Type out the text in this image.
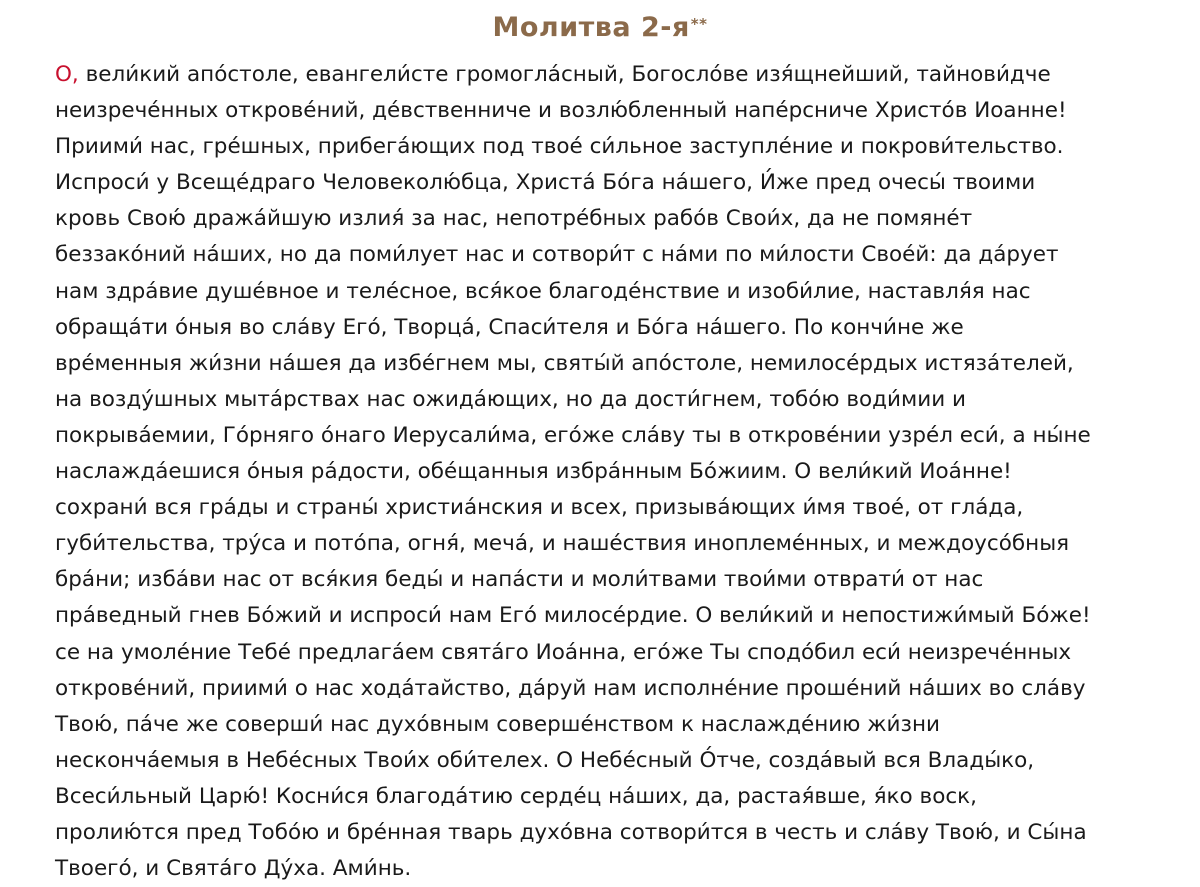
Молитва 2-я**

О, вели́кий апо́столе, евангели́сте громогла́сный, Богосло́ве изя́щнейший, тайнови́дче
неизрече́нных открове́ний, де́вственниче и возлю́бленный напе́рсниче Христо́в Иоанне!
Приими́ нас, гре́шных, прибега́ющих под твое́ си́льное заступле́ние и покрови́тельство.
Испроси́ у Всеще́драго Человеколю́бца, Христа́ Бо́га на́шего, И́же пред очесы́ твоими
кровь Свою́ дража́йшую излия́ за нас, непотре́бных рабо́в Свои́х, да не помяне́т
беззако́ний на́ших, но да поми́лует нас и сотвори́т с на́ми по ми́лости Свое́й: да да́рует
нам здра́вие душе́вное и теле́сное, вся́кое благоде́нствие и изоби́лие, наставля́я нас
обраща́ти о́ныя во сла́ву Его́, Творца́, Спаси́теля и Бо́га на́шего. По кончи́не же
вре́менныя жи́зни на́шея да избе́гнем мы, святы́й апо́столе, немилосе́рдых истяза́телей,
на возду́шных мыта́рствах нас ожида́ющих, но да дости́гнем, тобо́ю води́мии и
покрыва́емии, Го́рняго о́наго Иерусали́ма, его́же сла́ву ты в открове́нии узре́л еси́, а ны́не
наслажда́ешися о́ныя ра́дости, обе́щанныя избра́нным Бо́жиим. О вели́кий Иоа́нне!
сохрани́ вся гра́ды и страны́ христиа́нския и всех, призыва́ющих и́мя твое́, от гла́да,
губи́тельства, тру́са и пото́па, огня́, меча́, и наше́ствия иноплеме́нных, и междоусо́бныя
бра́ни; изба́ви нас от вся́кия беды́ и напа́сти и моли́твами твои́ми отврати́ от нас
пра́ведный гнев Бо́жий и испроси́ нам Его́ милосе́рдие. О вели́кий и непостижи́мый Бо́же!
се на умоле́ние Тебе́ предлага́ем свята́го Иоа́нна, его́же Ты сподо́бил еси́ неизрече́нных
открове́ний, приими́ о нас хода́тайство, да́руй нам исполне́ние проше́ний на́ших во сла́ву
Твою́, па́че же соверши́ нас духо́вным соверше́нством к наслажде́нию жи́зни
несконча́емыя в Небе́сных Твои́х оби́телех. О Небе́сный О́тче, созда́вый вся Влады́ко,
Всеси́льный Царю́! Косни́ся благода́тию серде́ц на́ших, да, растая́вше, я́ко воск,
пролию́тся пред Тобо́ю и бре́нная тварь духо́вна сотвори́тся в честь и сла́ву Твою́, и Сы́на
Твоего́, и Свята́го Ду́ха. Ами́нь.
